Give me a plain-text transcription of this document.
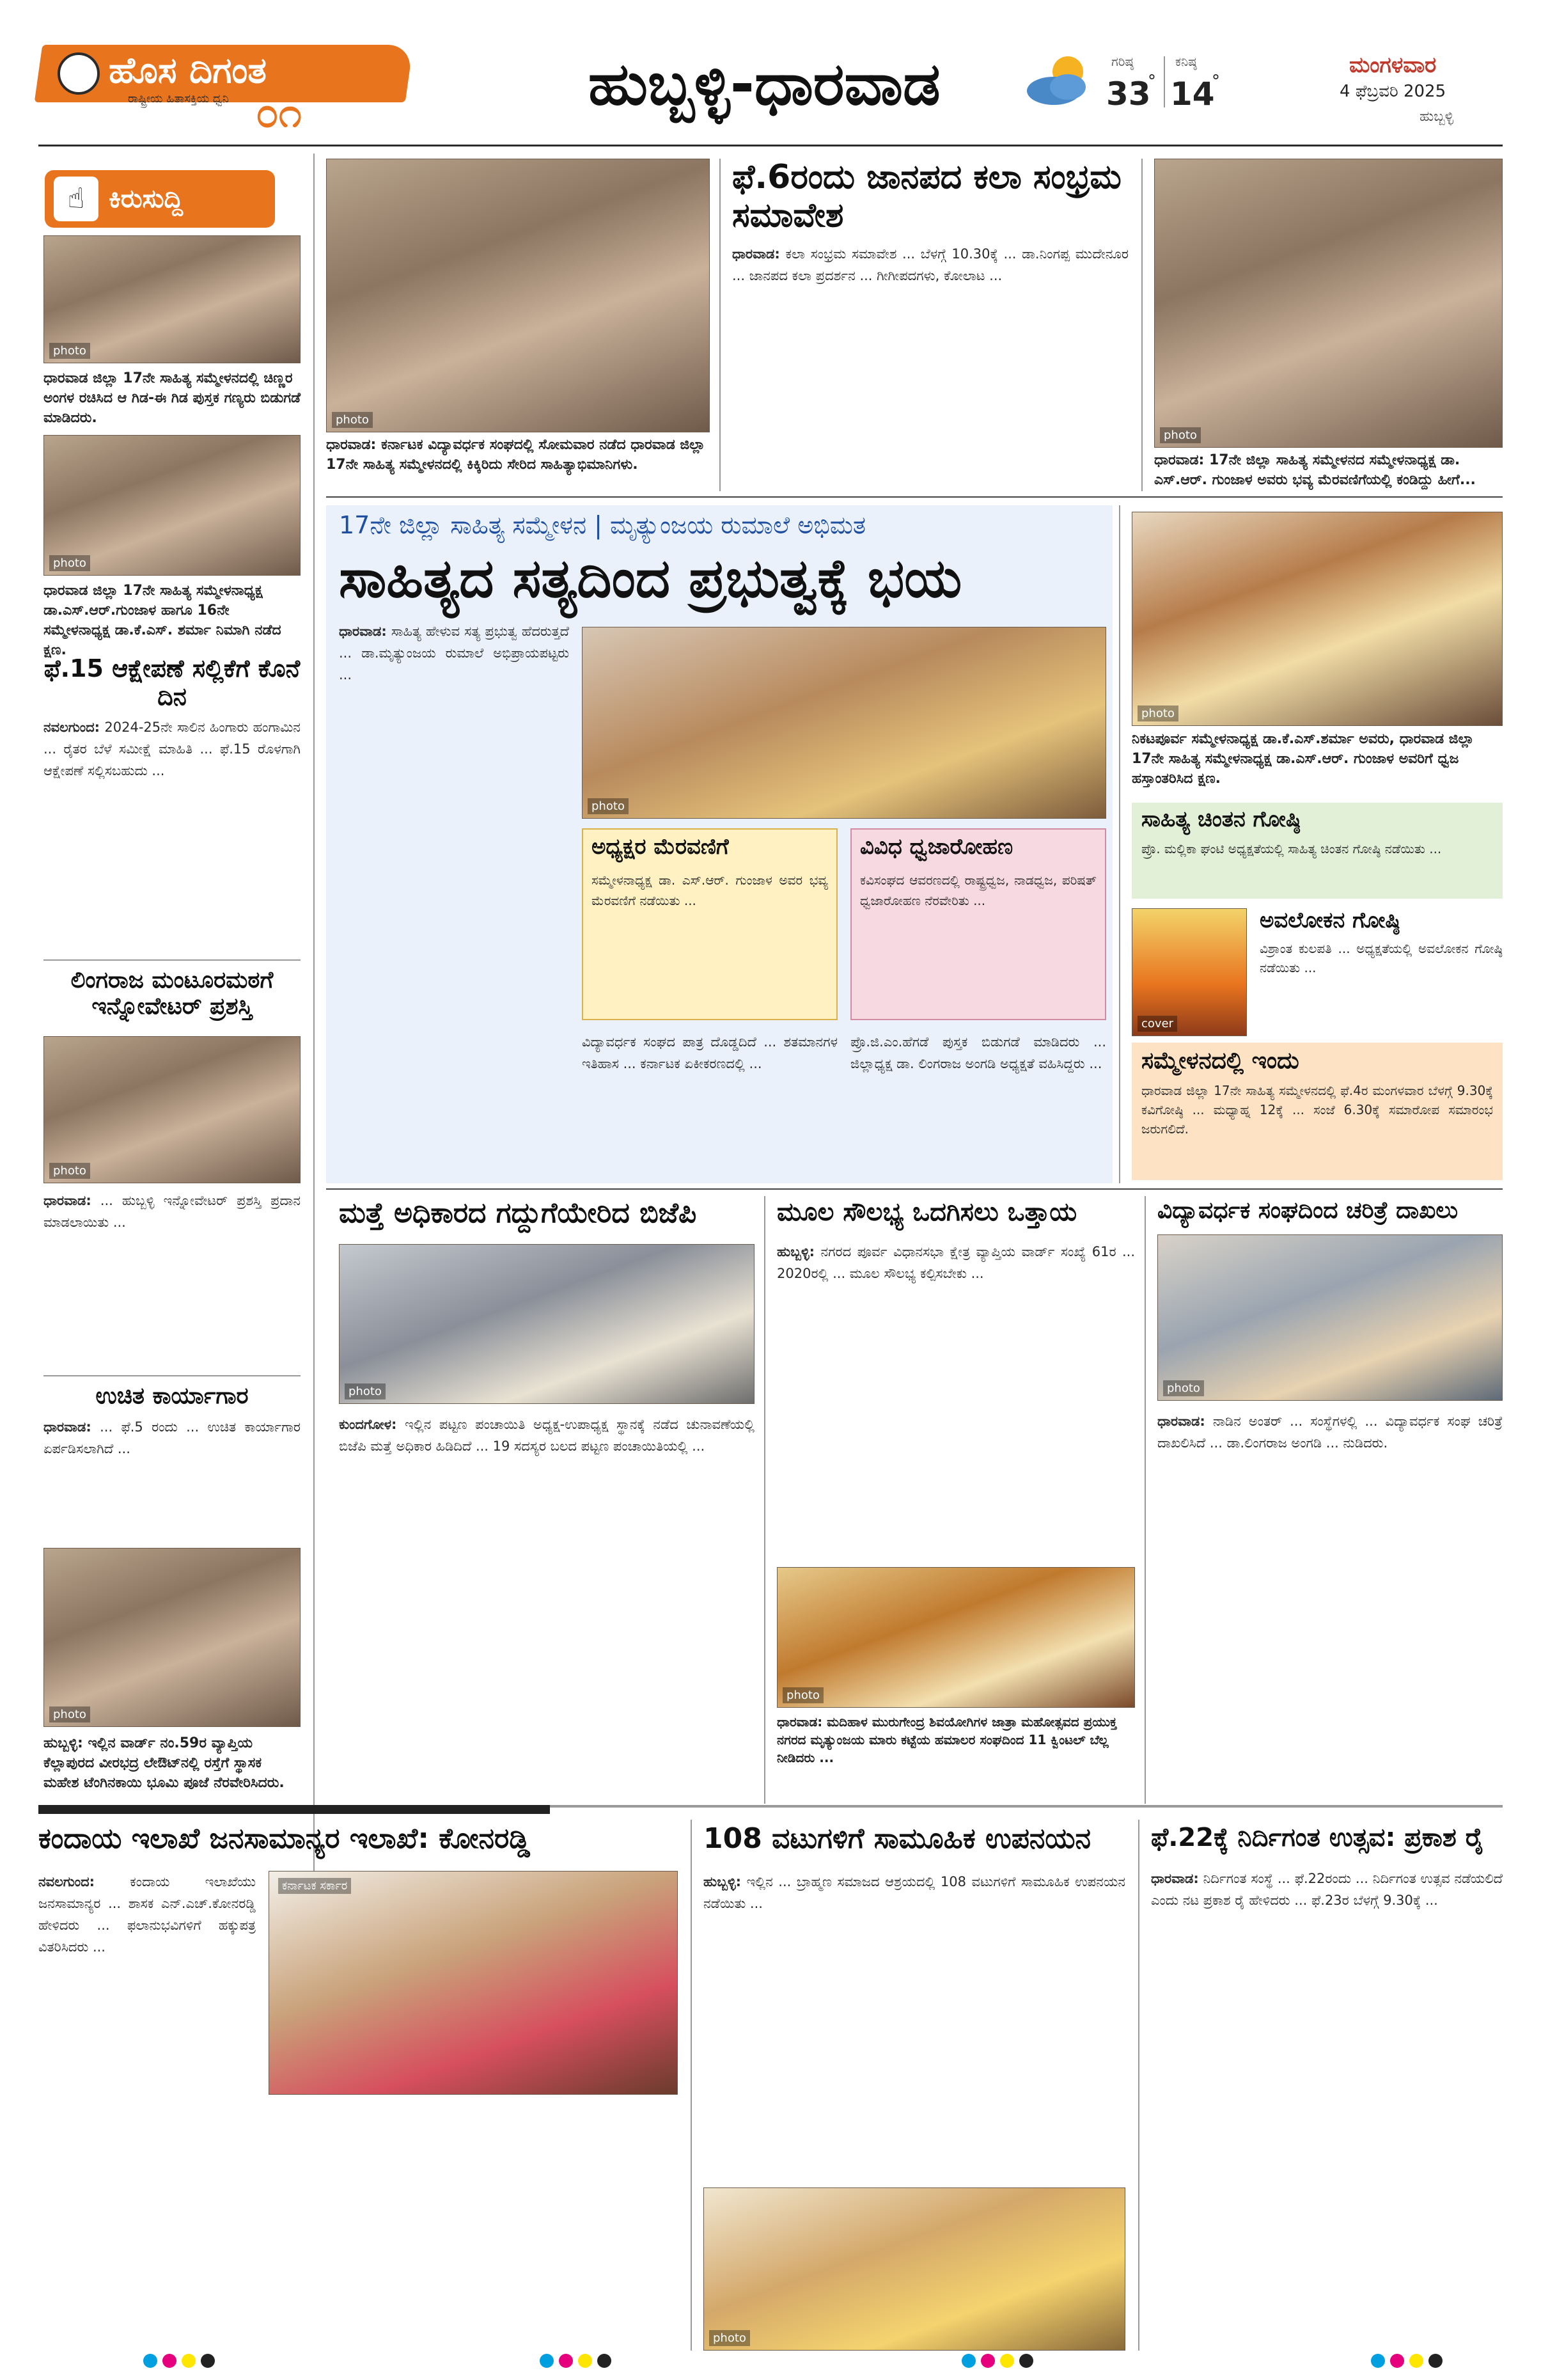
ಹೊಸ ದಿಗಂತ
ರಾಷ್ಟ್ರೀಯ ಹಿತಾಸಕ್ತಿಯ ಧ್ವನಿ ೦೧	ಹುಬ್ಬಳ್ಳಿ-ಧಾರವಾಡ	ಗರಿಷ್ಠ
33
°
ಕನಿಷ್ಠ
14
°
ಮಂಗಳವಾರ
4 ಫೆಬ್ರವರಿ 2025
ಹುಬ್ಬಳ್ಳಿ
☝ ಕಿರುಸುದ್ದಿ
photo
ಧಾರವಾಡ ಜಿಲ್ಲಾ 17ನೇ ಸಾಹಿತ್ಯ ಸಮ್ಮೇಳನದಲ್ಲಿ ಚಿಣ್ಣರ ಅಂಗಳ ರಚಿಸಿದ ಆ ಗಿಡ-ಈ ಗಿಡ ಪುಸ್ತಕ ಗಣ್ಯರು ಬಿಡುಗಡೆ ಮಾಡಿದರು.
photo
ಧಾರವಾಡ ಜಿಲ್ಲಾ 17ನೇ ಸಾಹಿತ್ಯ ಸಮ್ಮೇಳನಾಧ್ಯಕ್ಷ ಡಾ.ಎಸ್.ಆರ್.ಗುಂಜಾಳ ಹಾಗೂ 16ನೇ ಸಮ್ಮೇಳನಾಧ್ಯಕ್ಷ ಡಾ.ಕೆ.ಎಸ್. ಶರ್ಮಾ ನಿಮಾಗಿ ನಡೆದ ಕ್ಷಣ.
ಫೆ.15 ಆಕ್ಷೇಪಣೆ ಸಲ್ಲಿಕೆಗೆ ಕೊನೆ ದಿನ
ನವಲಗುಂದ: 2024-25ನೇ ಸಾಲಿನ ಹಿಂಗಾರು ಹಂಗಾಮಿನ ... ರೈತರ ಬೆಳೆ ಸಮೀಕ್ಷೆ ಮಾಹಿತಿ ... ಫೆ.15 ರೊಳಗಾಗಿ ಆಕ್ಷೇಪಣೆ ಸಲ್ಲಿಸಬಹುದು ...
ಲಿಂಗರಾಜ ಮಂಟೂರಮಠಗೆ ಇನ್ನೋವೇಟರ್ ಪ್ರಶಸ್ತಿ
photo
ಧಾರವಾಡ: ... ಹುಬ್ಬಳ್ಳಿ ಇನ್ನೋವೇಟರ್ ಪ್ರಶಸ್ತಿ ಪ್ರದಾನ ಮಾಡಲಾಯಿತು ...
ಉಚಿತ ಕಾರ್ಯಾಗಾರ
ಧಾರವಾಡ: ... ಫೆ.5 ರಂದು ... ಉಚಿತ ಕಾರ್ಯಾಗಾರ ಏರ್ಪಡಿಸಲಾಗಿದೆ ...
photo
ಹುಬ್ಬಳ್ಳಿ: ಇಲ್ಲಿನ ವಾರ್ಡ್ ನಂ.59ರ ವ್ಯಾಪ್ತಿಯ ಕೆಲ್ಲಾಪುರದ ವೀರಭದ್ರ ಲೇಔಟ್‌ನಲ್ಲಿ ರಸ್ತೆಗೆ ಸ್ಥಾಸಕ ಮಹೇಶ ಟೆಂಗಿನಕಾಯಿ ಭೂಮಿ ಪೂಜೆ ನೆರವೇರಿಸಿದರು.
photo
ಧಾರವಾಡ: ಕರ್ನಾಟಕ ವಿದ್ಯಾವರ್ಧಕ ಸಂಘದಲ್ಲಿ ಸೋಮವಾರ ನಡೆದ ಧಾರವಾಡ ಜಿಲ್ಲಾ 17ನೇ ಸಾಹಿತ್ಯ ಸಮ್ಮೇಳನದಲ್ಲಿ ಕಿಕ್ಕಿರಿದು ಸೇರಿದ ಸಾಹಿತ್ಯಾಭಿಮಾನಿಗಳು.
ಫೆ.6ರಂದು ಜಾನಪದ ಕಲಾ ಸಂಭ್ರಮ ಸಮಾವೇಶ
ಧಾರವಾಡ: ಕಲಾ ಸಂಭ್ರಮ ಸಮಾವೇಶ ... ಬೆಳಗ್ಗೆ 10.30ಕ್ಕೆ ... ಡಾ.ನಿಂಗಪ್ಪ ಮುದೇನೂರ ... ಜಾನಪದ ಕಲಾ ಪ್ರದರ್ಶನ ... ಗೀಗೀಪದಗಳು, ಕೋಲಾಟ ...
photo
ಧಾರವಾಡ: 17ನೇ ಜಿಲ್ಲಾ ಸಾಹಿತ್ಯ ಸಮ್ಮೇಳನದ ಸಮ್ಮೇಳನಾಧ್ಯಕ್ಷ ಡಾ. ಎಸ್.ಆರ್. ಗುಂಜಾಳ ಅವರು ಭವ್ಯ ಮೆರವಣಿಗೆಯಲ್ಲಿ ಕಂಡಿದ್ದು ಹೀಗೆ...
17ನೇ ಜಿಲ್ಲಾ ಸಾಹಿತ್ಯ ಸಮ್ಮೇಳನ | ಮೃತ್ಯುಂಜಯ ರುಮಾಲೆ ಅಭಿಮತ
ಸಾಹಿತ್ಯದ ಸತ್ಯದಿಂದ ಪ್ರಭುತ್ವಕ್ಕೆ ಭಯ
ಧಾರವಾಡ: ಸಾಹಿತ್ಯ ಹೇಳುವ ಸತ್ಯ ಪ್ರಭುತ್ವ ಹೆದರುತ್ತದೆ ... ಡಾ.ಮೃತ್ಯುಂಜಯ ರುಮಾಲೆ ಅಭಿಪ್ರಾಯಪಟ್ಟರು ...
photo
ಅಧ್ಯಕ್ಷರ ಮೆರವಣಿಗೆ
ಸಮ್ಮೇಳನಾಧ್ಯಕ್ಷ ಡಾ. ಎಸ್.ಆರ್. ಗುಂಜಾಳ ಅವರ ಭವ್ಯ ಮೆರವಣಿಗೆ ನಡೆಯಿತು ...
ವಿವಿಧ ಧ್ವಜಾರೋಹಣ
ಕವಿಸಂಘದ ಆವರಣದಲ್ಲಿ ರಾಷ್ಟ್ರಧ್ವಜ, ನಾಡಧ್ವಜ, ಪರಿಷತ್ ಧ್ವಜಾರೋಹಣ ನೆರವೇರಿತು ...
ವಿದ್ಯಾವರ್ಧಕ ಸಂಘದ ಪಾತ್ರ ದೊಡ್ಡದಿದೆ ... ಶತಮಾನಗಳ ಇತಿಹಾಸ ... ಕರ್ನಾಟಕ ಏಕೀಕರಣದಲ್ಲಿ ...
ಪ್ರೊ.ಜಿ.ಎಂ.ಹೆಗಡೆ ಪುಸ್ತಕ ಬಿಡುಗಡೆ ಮಾಡಿದರು ... ಜಿಲ್ಲಾಧ್ಯಕ್ಷ ಡಾ. ಲಿಂಗರಾಜ ಅಂಗಡಿ ಅಧ್ಯಕ್ಷತೆ ವಹಿಸಿದ್ದರು ...
photo
ನಿಕಟಪೂರ್ವ ಸಮ್ಮೇಳನಾಧ್ಯಕ್ಷ ಡಾ.ಕೆ.ಎಸ್.ಶರ್ಮಾ ಅವರು, ಧಾರವಾಡ ಜಿಲ್ಲಾ 17ನೇ ಸಾಹಿತ್ಯ ಸಮ್ಮೇಳನಾಧ್ಯಕ್ಷ ಡಾ.ಎಸ್.ಆರ್. ಗುಂಜಾಳ ಅವರಿಗೆ ಧ್ವಜ ಹಸ್ತಾಂತರಿಸಿದ ಕ್ಷಣ.
ಸಾಹಿತ್ಯ ಚಿಂತನ ಗೋಷ್ಠಿ
ಪ್ರೊ. ಮಲ್ಲಿಕಾ ಘಂಟಿ ಅಧ್ಯಕ್ಷತೆಯಲ್ಲಿ ಸಾಹಿತ್ಯ ಚಿಂತನ ಗೋಷ್ಠಿ ನಡೆಯಿತು ...
cover
ಅವಲೋಕನ ಗೋಷ್ಠಿ
ವಿಶ್ರಾಂತ ಕುಲಪತಿ ... ಅಧ್ಯಕ್ಷತೆಯಲ್ಲಿ ಅವಲೋಕನ ಗೋಷ್ಠಿ ನಡೆಯಿತು ...
ಸಮ್ಮೇಳನದಲ್ಲಿ ಇಂದು
ಧಾರವಾಡ ಜಿಲ್ಲಾ 17ನೇ ಸಾಹಿತ್ಯ ಸಮ್ಮೇಳನದಲ್ಲಿ ಫೆ.4ರ ಮಂಗಳವಾರ ಬೆಳಗ್ಗೆ 9.30ಕ್ಕೆ ಕವಿಗೋಷ್ಠಿ ... ಮಧ್ಯಾಹ್ನ 12ಕ್ಕೆ ... ಸಂಜೆ 6.30ಕ್ಕೆ ಸಮಾರೋಪ ಸಮಾರಂಭ ಜರುಗಲಿದೆ.
ಮತ್ತೆ ಅಧಿಕಾರದ ಗದ್ದುಗೆಯೇರಿದ ಬಿಜೆಪಿ
photo
ಕುಂದಗೋಳ: ಇಲ್ಲಿನ ಪಟ್ಟಣ ಪಂಚಾಯಿತಿ ಅಧ್ಯಕ್ಷ-ಉಪಾಧ್ಯಕ್ಷ ಸ್ಥಾನಕ್ಕೆ ನಡೆದ ಚುನಾವಣೆಯಲ್ಲಿ ಬಿಜೆಪಿ ಮತ್ತೆ ಅಧಿಕಾರ ಹಿಡಿದಿದೆ ... 19 ಸದಸ್ಯರ ಬಲದ ಪಟ್ಟಣ ಪಂಚಾಯಿತಿಯಲ್ಲಿ ...
ಮೂಲ ಸೌಲಭ್ಯ ಒದಗಿಸಲು ಒತ್ತಾಯ
ಹುಬ್ಬಳ್ಳಿ: ನಗರದ ಪೂರ್ವ ವಿಧಾನಸಭಾ ಕ್ಷೇತ್ರ ವ್ಯಾಪ್ತಿಯ ವಾರ್ಡ್ ಸಂಖ್ಯೆ 61ರ ... 2020ರಲ್ಲಿ ... ಮೂಲ ಸೌಲಭ್ಯ ಕಲ್ಪಿಸಬೇಕು ...
photo
ಧಾರವಾಡ: ಮದಿಹಾಳ ಮುರುಗೇಂದ್ರ ಶಿವಯೋಗಿಗಳ ಜಾತ್ರಾ ಮಹೋತ್ಸವದ ಪ್ರಯುಕ್ತ ನಗರದ ಮೃತ್ಯುಂಜಯ ಮಾರು ಕಟ್ಟೆಯ ಹಮಾಲರ ಸಂಘದಿಂದ 11 ಕ್ವಿಂಟಲ್ ಬೆಲ್ಲ ನೀಡಿದರು ...
ವಿದ್ಯಾವರ್ಧಕ ಸಂಘದಿಂದ ಚರಿತ್ರೆ ದಾಖಲು
photo
ಧಾರವಾಡ: ನಾಡಿನ ಅಂತರ್ ... ಸಂಸ್ಥೆಗಳಲ್ಲಿ ... ವಿದ್ಯಾವರ್ಧಕ ಸಂಘ ಚರಿತ್ರೆ ದಾಖಲಿಸಿದೆ ... ಡಾ.ಲಿಂಗರಾಜ ಅಂಗಡಿ ... ನುಡಿದರು.
ಕಂದಾಯ ಇಲಾಖೆ ಜನಸಾಮಾನ್ಯರ ಇಲಾಖೆ: ಕೋನರಡ್ಡಿ
ನವಲಗುಂದ:	ಕಂದಾಯ ಇಲಾಖೆಯು ಜನಸಾಮಾನ್ಯರ ... ಶಾಸಕ ಎನ್.ಎಚ್.ಕೋನರಡ್ಡಿ ಹೇಳಿದರು ... ಫಲಾನುಭವಿಗಳಿಗೆ ಹಕ್ಕುಪತ್ರ ವಿತರಿಸಿದರು ...
ಕರ್ನಾಟಕ ಸರ್ಕಾರ
108 ವಟುಗಳಿಗೆ ಸಾಮೂಹಿಕ ಉಪನಯನ
ಹುಬ್ಬಳ್ಳಿ: ಇಲ್ಲಿನ ... ಬ್ರಾಹ್ಮಣ ಸಮಾಜದ ಆಶ್ರಯದಲ್ಲಿ 108 ವಟುಗಳಿಗೆ ಸಾಮೂಹಿಕ ಉಪನಯನ ನಡೆಯಿತು ...
photo
ಫೆ.22ಕ್ಕೆ ನಿರ್ದಿಗಂತ ಉತ್ಸವ: ಪ್ರಕಾಶ ರೈ
ಧಾರವಾಡ: ನಿರ್ದಿಗಂತ ಸಂಸ್ಥೆ ... ಫೆ.22ರಂದು ... ನಿರ್ದಿಗಂತ ಉತ್ಸವ ನಡೆಯಲಿದೆ ಎಂದು ನಟ ಪ್ರಕಾಶ ರೈ ಹೇಳಿದರು ... ಫೆ.23ರ ಬೆಳಗ್ಗೆ 9.30ಕ್ಕೆ ...
